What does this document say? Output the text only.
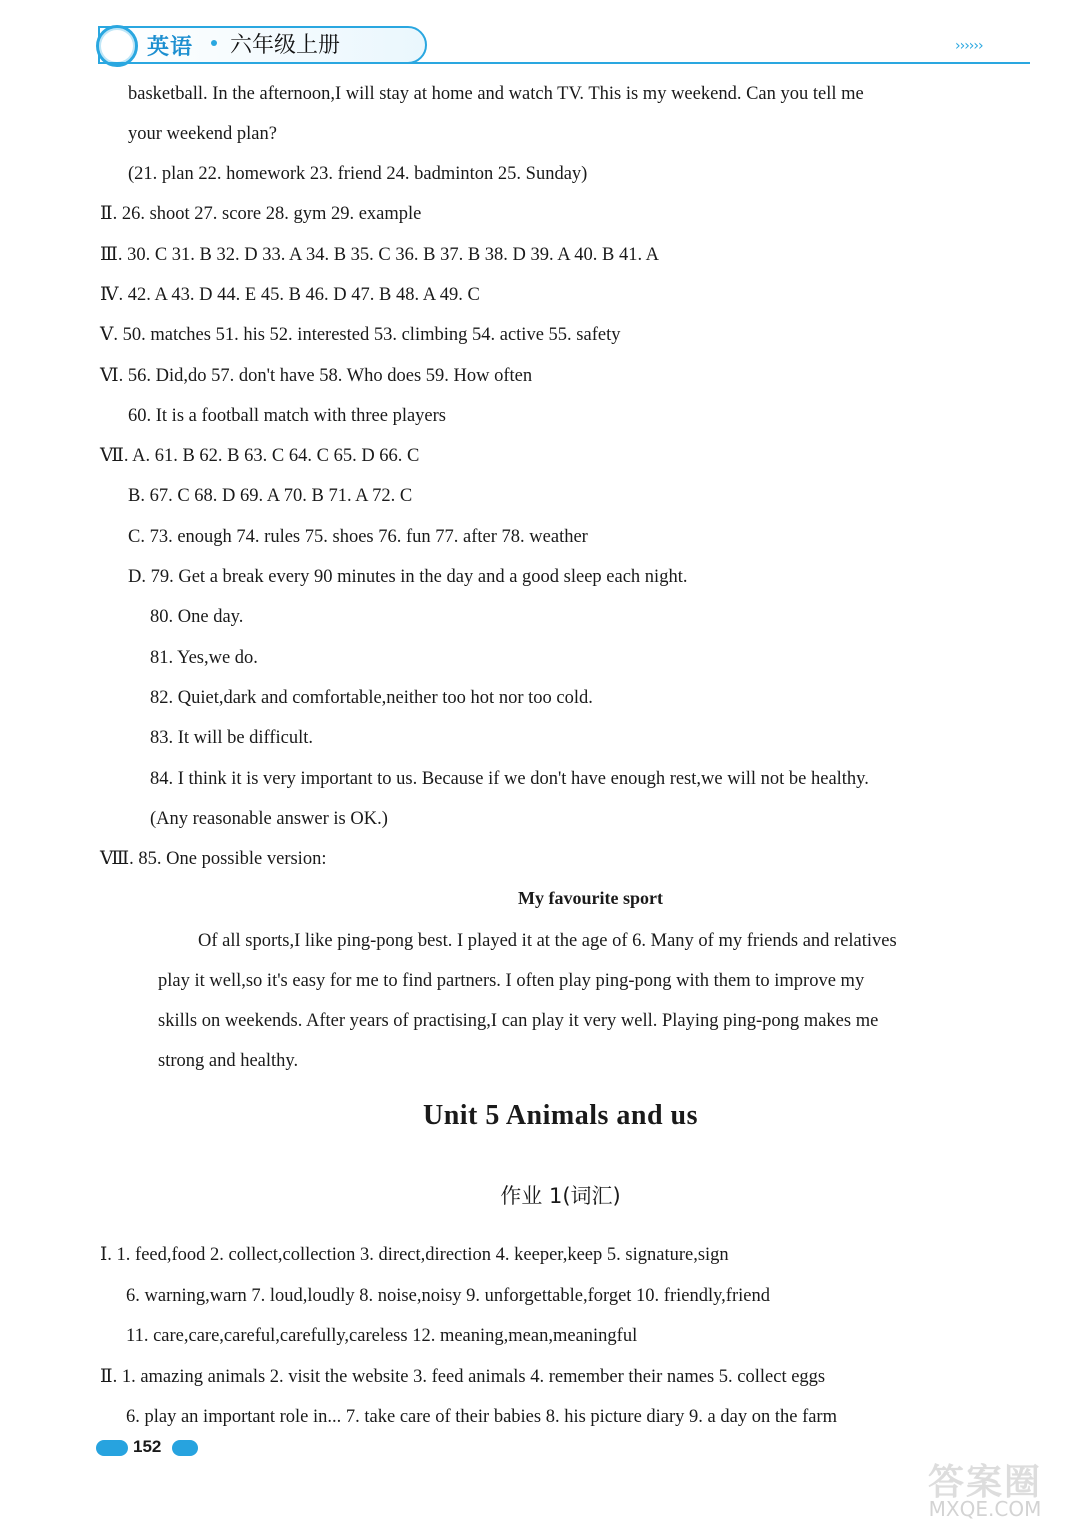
英语 六年级上册	››››››
basketball. In the afternoon,I will stay at home and watch TV. This is my weekend. Can you tell me
your weekend plan?
(21. plan 22. homework 23. friend 24. badminton 25. Sunday)
Ⅱ. 26. shoot 27. score 28. gym 29. example
Ⅲ. 30. C 31. B 32. D 33. A 34. B 35. C 36. B 37. B 38. D 39. A 40. B 41. A
Ⅳ. 42. A 43. D 44. E 45. B 46. D 47. B 48. A 49. C
Ⅴ. 50. matches 51. his 52. interested 53. climbing 54. active 55. safety
Ⅵ. 56. Did,do 57. don't have 58. Who does 59. How often
60. It is a football match with three players
Ⅶ. A. 61. B 62. B 63. C 64. C 65. D 66. C
B. 67. C 68. D 69. A 70. B 71. A 72. C
C. 73. enough 74. rules 75. shoes 76. fun 77. after 78. weather
D. 79. Get a break every 90 minutes in the day and a good sleep each night.
80. One day.
81. Yes,we do.
82. Quiet,dark and comfortable,neither too hot nor too cold.
83. It will be difficult.
84. I think it is very important to us. Because if we don't have enough rest,we will not be healthy.
(Any reasonable answer is OK.)
Ⅷ. 85. One possible version:
My favourite sport
Of all sports,I like ping-pong best. I played it at the age of 6. Many of my friends and relatives
play it well,so it's easy for me to find partners. I often play ping-pong with them to improve my
skills on weekends. After years of practising,I can play it very well. Playing ping-pong makes me
strong and healthy.
Unit 5 Animals and us
作业 1(词汇)
Ⅰ. 1. feed,food 2. collect,collection 3. direct,direction 4. keeper,keep 5. signature,sign
6. warning,warn 7. loud,loudly 8. noise,noisy 9. unforgettable,forget 10. friendly,friend
11. care,care,careful,carefully,careless 12. meaning,mean,meaningful
Ⅱ. 1. amazing animals 2. visit the website 3. feed animals 4. remember their names 5. collect eggs
6. play an important role in... 7. take care of their babies 8. his picture diary 9. a day on the farm
152
答案圈
MXQE.COM
